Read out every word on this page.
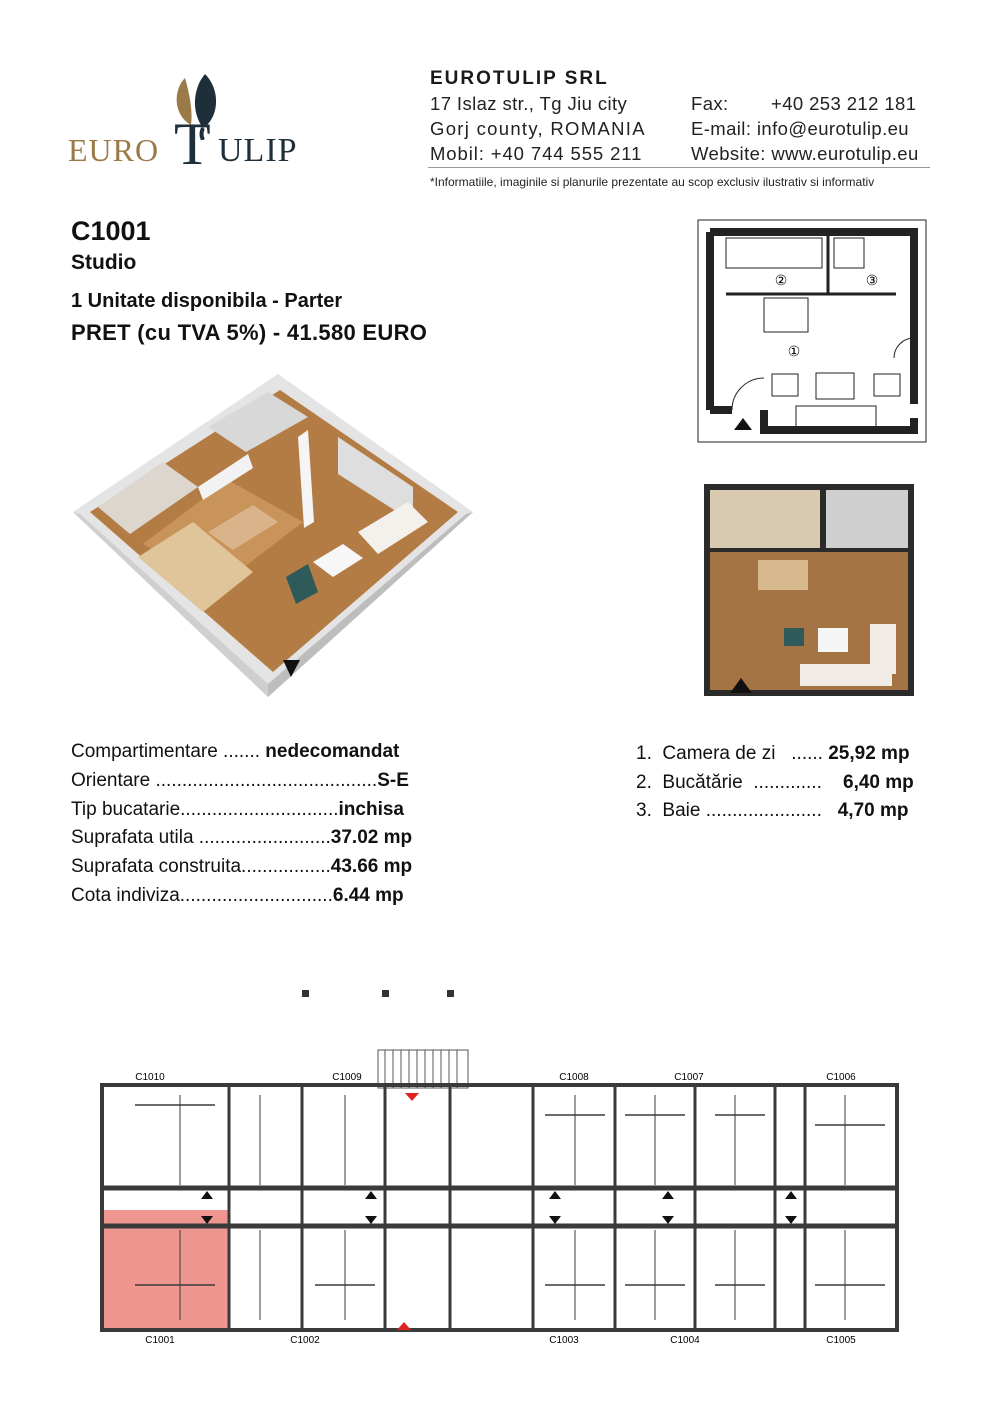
EURO T ULIP
EUROTULIP SRL
17 Islaz str., Tg Jiu city
Gorj county, ROMANIA
Mobil: +40 744 555 211
Fax: +40 253 212 181
E-mail: info@eurotulip.eu
Website: www.eurotulip.eu
*Informatiile, imaginile si planurile prezentate au scop exclusiv ilustrativ si informativ
C1001
Studio
1 Unitate disponibila - Parter
PRET (cu TVA 5%) - 41.580 EURO
①
②	③
Compartimentare ....... nedecomandat
Orientare ..........................................S-E
Tip bucatarie..............................inchisa
Suprafata utila .........................37.02 mp
Suprafata construita.................43.66 mp
Cota indiviza.............................6.44 mp
1. Camera de zi ...... 25,92 mp
2. Bucătărie ............. 6,40 mp
3. Baie ...................... 4,70 mp
C1010	C1009	C1008	C1007	C1006
C1001	C1002	C1003	C1004	C1005
